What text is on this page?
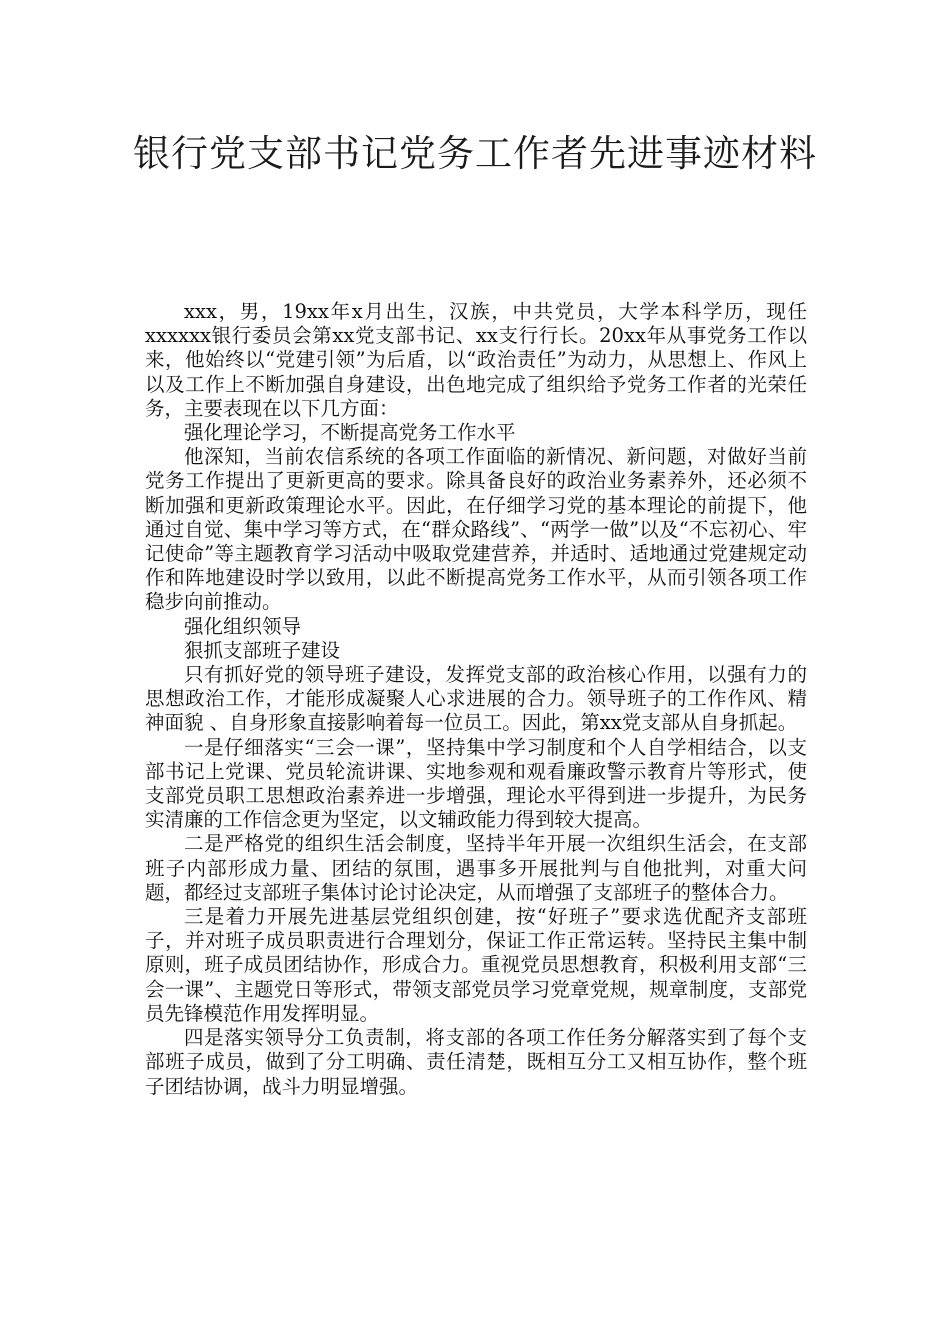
银行党支部书记党务工作者先进事迹材料

xxx，男，19xx年x月出生，汉族，中共党员，大学本科学历，现任xxxxxx银行委员会第xx党支部书记、xx支行行长。20xx年从事党务工作以来，他始终以“党建引领”为后盾，以“政治责任”为动力，从思想上、作风上以及工作上不断加强自身建设，出色地完成了组织给予党务工作者的光荣任务，主要表现在以下几方面：

强化理论学习，不断提高党务工作水平

他深知，当前农信系统的各项工作面临的新情况、新问题，对做好当前党务工作提出了更新更高的要求。除具备良好的政治业务素养外，还必须不断加强和更新政策理论水平。因此，在仔细学习党的基本理论的前提下，他通过自觉、集中学习等方式，在“群众路线”、“两学一做”以及“不忘初心、牢记使命”等主题教育学习活动中吸取党建营养，并适时、适地通过党建规定动作和阵地建设时学以致用，以此不断提高党务工作水平，从而引领各项工作稳步向前推动。

强化组织领导

狠抓支部班子建设

只有抓好党的领导班子建设，发挥党支部的政治核心作用，以强有力的思想政治工作，才能形成凝聚人心求进展的合力。领导班子的工作作风、精神面貌 、自身形象直接影响着每一位员工。因此，第xx党支部从自身抓起。

一是仔细落实“三会一课”，坚持集中学习制度和个人自学相结合，以支部书记上党课、党员轮流讲课、实地参观和观看廉政警示教育片等形式，使支部党员职工思想政治素养进一步增强，理论水平得到进一步提升，为民务实清廉的工作信念更为坚定，以文辅政能力得到较大提高。

二是严格党的组织生活会制度，坚持半年开展一次组织生活会，在支部班子内部形成力量、团结的氛围，遇事多开展批判与自他批判，对重大问题，都经过支部班子集体讨论讨论决定，从而增强了支部班子的整体合力。

三是着力开展先进基层党组织创建，按“好班子”要求选优配齐支部班子，并对班子成员职责进行合理划分，保证工作正常运转。坚持民主集中制原则，班子成员团结协作，形成合力。重视党员思想教育，积极利用支部“三会一课”、主题党日等形式，带领支部党员学习党章党规，规章制度，支部党员先锋模范作用发挥明显。

四是落实领导分工负责制，将支部的各项工作任务分解落实到了每个支部班子成员，做到了分工明确、责任清楚，既相互分工又相互协作，整个班子团结协调，战斗力明显增强。
